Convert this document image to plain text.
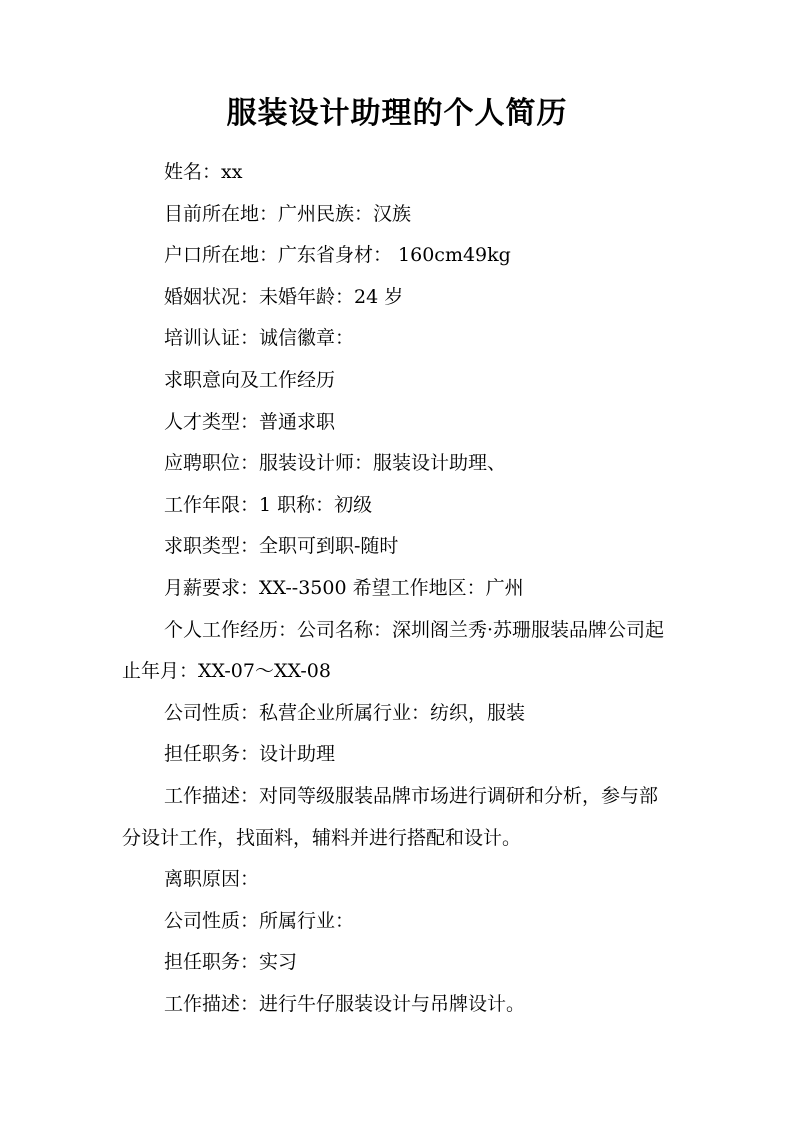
服装设计助理的个人简历

姓名：xx

目前所在地：广州民族：汉族

户口所在地：广东省身材： 160cm49kg

婚姻状况：未婚年龄：24 岁

培训认证：诚信徽章：

求职意向及工作经历

人才类型：普通求职

应聘职位：服装设计师：服装设计助理、

工作年限：1 职称：初级

求职类型：全职可到职-随时

月薪要求：XX--3500 希望工作地区：广州

个人工作经历：公司名称：深圳阁兰秀·苏珊服装品牌公司起止年月：XX-07～XX-08

公司性质：私营企业所属行业：纺织，服装

担任职务：设计助理

工作描述：对同等级服装品牌市场进行调研和分析，参与部分设计工作，找面料，辅料并进行搭配和设计。

离职原因：

公司性质：所属行业：

担任职务：实习

工作描述：进行牛仔服装设计与吊牌设计。
